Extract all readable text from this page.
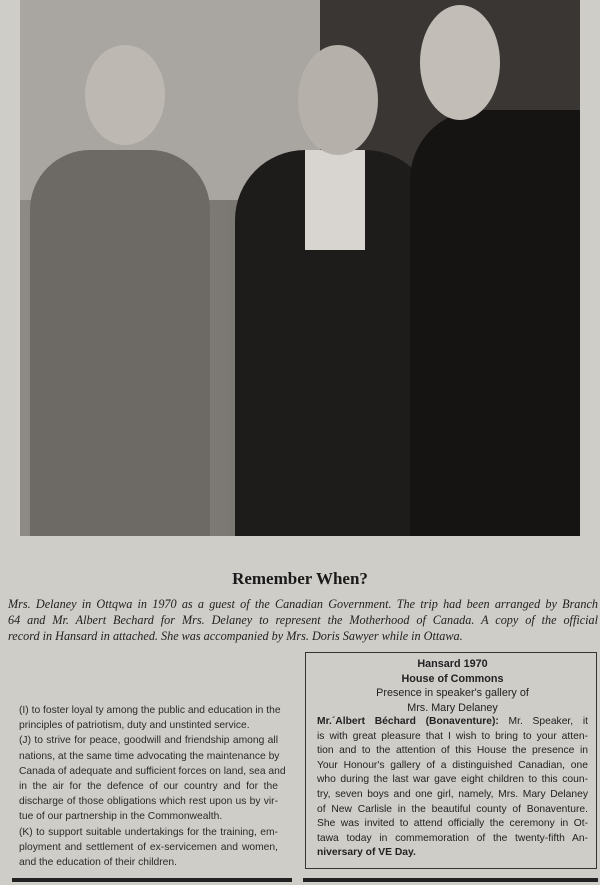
Remember When?
Mrs. Delaney in Ottqwa in 1970 as a guest of the Canadian Government. The trip had been arranged by Branch
64 and Mr. Albert Bechard for Mrs. Delaney to represent the Motherhood of Canada. A copy of the official
record in Hansard in attached. She was accompanied by Mrs. Doris Sawyer while in Ottawa.
(I) to foster loyal ty among the public and education in the
principles of patriotism, duty and unstinted service.
(J) to strive for peace, goodwill and friendship among all
nations, at the same time advocating the maintenance by
Canada of adequate and sufficient forces on land, sea and
in the air for the defence of our country and for the
discharge of those obligations which rest upon us by vir-
tue of our partnership in the Commonwealth.
(K) to support suitable undertakings for the training, em-
ployment and settlement of ex-servicemen and women,
and the education of their children.
Hansard 1970
House of Commons
Presence in speaker's gallery of
Mrs. Mary Delaney
Mr.´Albert Béchard (Bonaventure): Mr. Speaker, it
is with great pleasure that I wish to bring to your atten-
tion and to the attention of this House the presence in
Your Honour's gallery of a distinguished Canadian, one
who during the last war gave eight children to this coun-
try, seven boys and one girl, namely, Mrs. Mary Delaney
of New Carlisle in the beautiful county of Bonaventure.
She was invited to attend officially the ceremony in Ot-
tawa today in commemoration of the twenty-fifth An-
niversary of VE Day.
